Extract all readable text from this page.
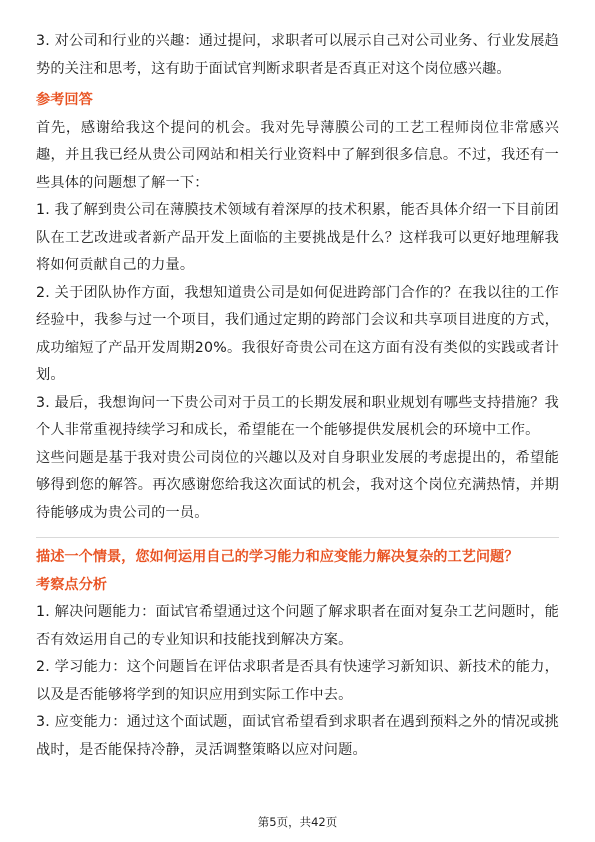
3. 对公司和行业的兴趣：通过提问，求职者可以展示自己对公司业务、行业发展趋势的关注和思考，这有助于面试官判断求职者是否真正对这个岗位感兴趣。

参考回答

首先，感谢给我这个提问的机会。我对先导薄膜公司的工艺工程师岗位非常感兴趣，并且我已经从贵公司网站和相关行业资料中了解到很多信息。不过，我还有一些具体的问题想了解一下：

1. 我了解到贵公司在薄膜技术领域有着深厚的技术积累，能否具体介绍一下目前团队在工艺改进或者新产品开发上面临的主要挑战是什么？这样我可以更好地理解我将如何贡献自己的力量。

2. 关于团队协作方面，我想知道贵公司是如何促进跨部门合作的？在我以往的工作经验中，我参与过一个项目，我们通过定期的跨部门会议和共享项目进度的方式，成功缩短了产品开发周期20%。我很好奇贵公司在这方面有没有类似的实践或者计划。

3. 最后，我想询问一下贵公司对于员工的长期发展和职业规划有哪些支持措施？我个人非常重视持续学习和成长，希望能在一个能够提供发展机会的环境中工作。

这些问题是基于我对贵公司岗位的兴趣以及对自身职业发展的考虑提出的，希望能够得到您的解答。再次感谢您给我这次面试的机会，我对这个岗位充满热情，并期待能够成为贵公司的一员。

描述一个情景，您如何运用自己的学习能力和应变能力解决复杂的工艺问题？
考察点分析

1. 解决问题能力：面试官希望通过这个问题了解求职者在面对复杂工艺问题时，能否有效运用自己的专业知识和技能找到解决方案。

2. 学习能力：这个问题旨在评估求职者是否具有快速学习新知识、新技术的能力，以及是否能够将学到的知识应用到实际工作中去。

3. 应变能力：通过这个面试题，面试官希望看到求职者在遇到预料之外的情况或挑战时，是否能保持冷静，灵活调整策略以应对问题。

第5页，共42页
